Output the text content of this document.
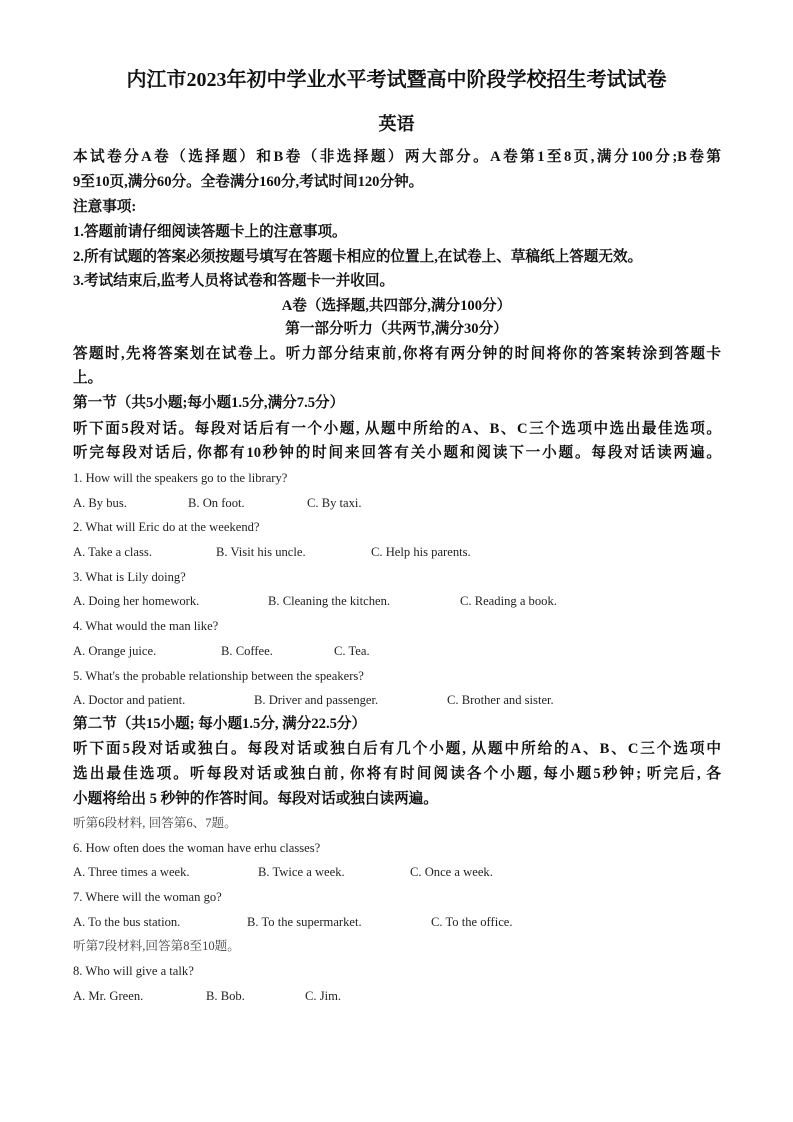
内江市2023年初中学业水平考试暨高中阶段学校招生考试试卷
英语
本试卷分A卷（选择题）和B卷（非选择题）两大部分。A卷第1至8页,满分100分;B卷第
9至10页,满分60分。全卷满分160分,考试时间120分钟。
注意事项:
1.答题前请仔细阅读答题卡上的注意事项。
2.所有试题的答案必须按题号填写在答题卡相应的位置上,在试卷上、草稿纸上答题无效。
3.考试结束后,监考人员将试卷和答题卡一并收回。
A卷（选择题,共四部分,满分100分）
第一部分听力（共两节,满分30分）
答题时,先将答案划在试卷上。听力部分结束前,你将有两分钟的时间将你的答案转涂到答题卡
上。
第一节（共5小题;每小题1.5分,满分7.5分）
听下面5段对话。每段对话后有一个小题, 从题中所给的A、B、C三个选项中选出最佳选项。
听完每段对话后, 你都有10秒钟的时间来回答有关小题和阅读下一小题。每段对话读两遍。
1. How will the speakers go to the library?
A. By bus.	B. On foot.	C. By taxi.
2. What will Eric do at the weekend?
A. Take a class.	B. Visit his uncle.	C. Help his parents.
3. What is Lily doing?
A. Doing her homework.	B. Cleaning the kitchen.	C. Reading a book.
4. What would the man like?
A. Orange juice.	B. Coffee.	C. Tea.
5. What's the probable relationship between the speakers?
A. Doctor and patient.	B. Driver and passenger.	C. Brother and sister.
第二节（共15小题; 每小题1.5分, 满分22.5分）
听下面5段对话或独白。每段对话或独白后有几个小题, 从题中所给的A、B、C三个选项中
选出最佳选项。听每段对话或独白前, 你将有时间阅读各个小题, 每小题5秒钟; 听完后, 各
小题将给出 5 秒钟的作答时间。每段对话或独白读两遍。
听第6段材料, 回答第6、7题。
6. How often does the woman have erhu classes?
A. Three times a week.	B. Twice a week.	C. Once a week.
7. Where will the woman go?
A. To the bus station.	B. To the supermarket.	C. To the office.
听第7段材料,回答第8至10题。
8. Who will give a talk?
A. Mr. Green.	B. Bob.	C. Jim.
